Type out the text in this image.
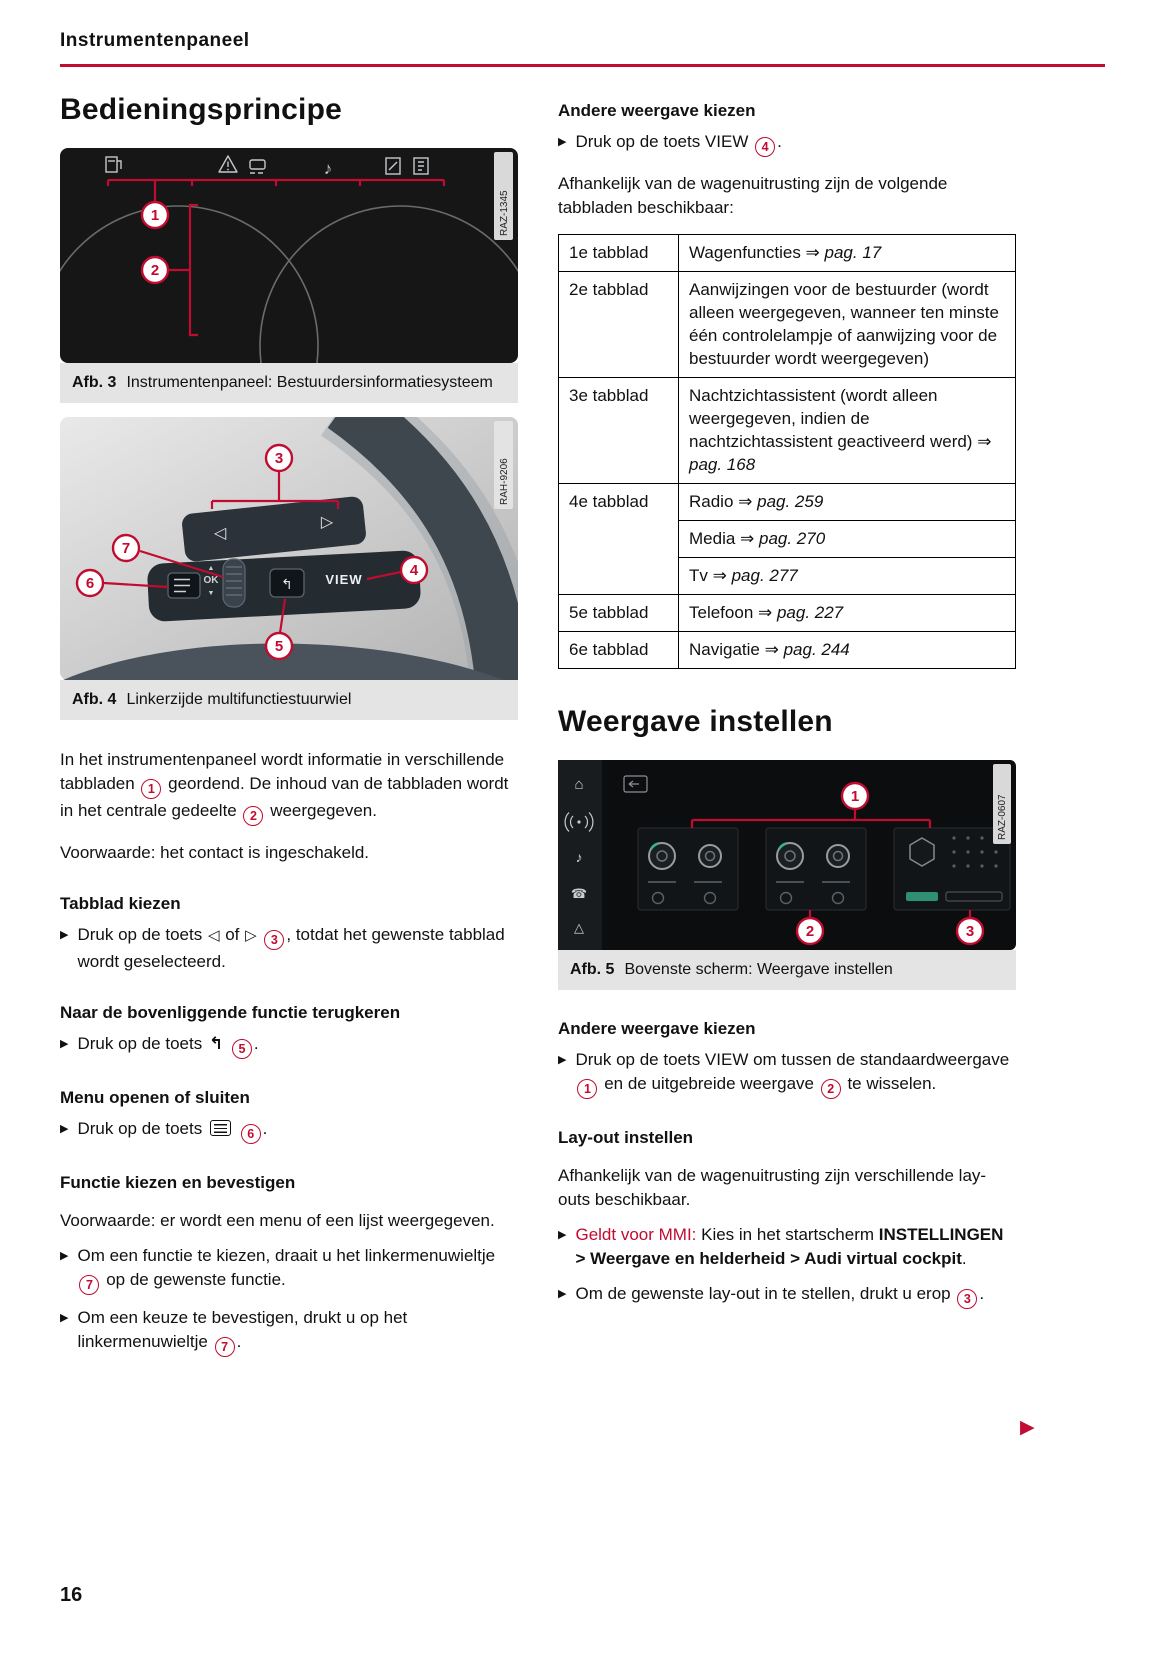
Instrumentenpaneel
Bedieningsprincipe
♪
1
2
RAZ-1345
Afb. 3 Instrumentenpaneel: Bestuurdersinformatiesysteem
◁
▷
▲
OK
▼
↰	VIEW
3
4
5
6
7
RAH-9206
Afb. 4 Linkerzijde multifunctiestuurwiel

In het instrumentenpaneel wordt informatie in verschillende tabbladen 1 geordend. De inhoud van de tabbladen wordt in het centrale gedeelte 2 weergegeven.

Voorwaarde: het contact is ingeschakeld.

Tabblad kiezen
▶ Druk op de toets ◁ of ▷ 3 , totdat het gewenste tabblad wordt geselecteerd.
Naar de bovenliggende functie terugkeren
▶ Druk op de toets ↰ 5 .
Menu openen of sluiten
▶ Druk op de toets	6 .
Functie kiezen en bevestigen

Voorwaarde: er wordt een menu of een lijst weergegeven.

▶ Om een functie te kiezen, draait u het linkermenuwieltje 7 op de gewenste functie.
▶ Om een keuze te bevestigen, drukt u op het linkermenuwieltje 7 .
Andere weergave kiezen
▶ Druk op de toets VIEW 4 .

Afhankelijk van de wagenuitrusting zijn de volgende tabbladen beschikbaar:

1e tabblad	Wagenfuncties ⇒ pag. 17
2e tabblad	Aanwijzingen voor de bestuurder (wordt alleen weergegeven, wanneer ten minste één controlelampje of aanwijzing voor de bestuurder wordt weergegeven)
3e tabblad	Nachtzichtassistent (wordt alleen weergegeven, indien de nachtzichtassistent geactiveerd werd) ⇒ pag. 168
4e tabblad	Radio ⇒ pag. 259
Media ⇒ pag. 270
Tv ⇒ pag. 277

5e tabblad	Telefoon ⇒ pag. 227
6e tabblad	Navigatie ⇒ pag. 244
Weergave instellen
⌂
♪
☎
△
1
2	3
RAZ-0607
Afb. 5 Bovenste scherm: Weergave instellen
Andere weergave kiezen
▶ Druk op de toets VIEW om tussen de standaardweergave 1 en de uitgebreide weergave 2 te wisselen.
Lay-out instellen

Afhankelijk van de wagenuitrusting zijn verschillende lay-outs beschikbaar.

▶ Geldt voor MMI: Kies in het startscherm INSTELLINGEN > Weergave en helderheid > Audi virtual cockpit.
▶ Om de gewenste lay-out in te stellen, drukt u erop 3 .
16
▶
